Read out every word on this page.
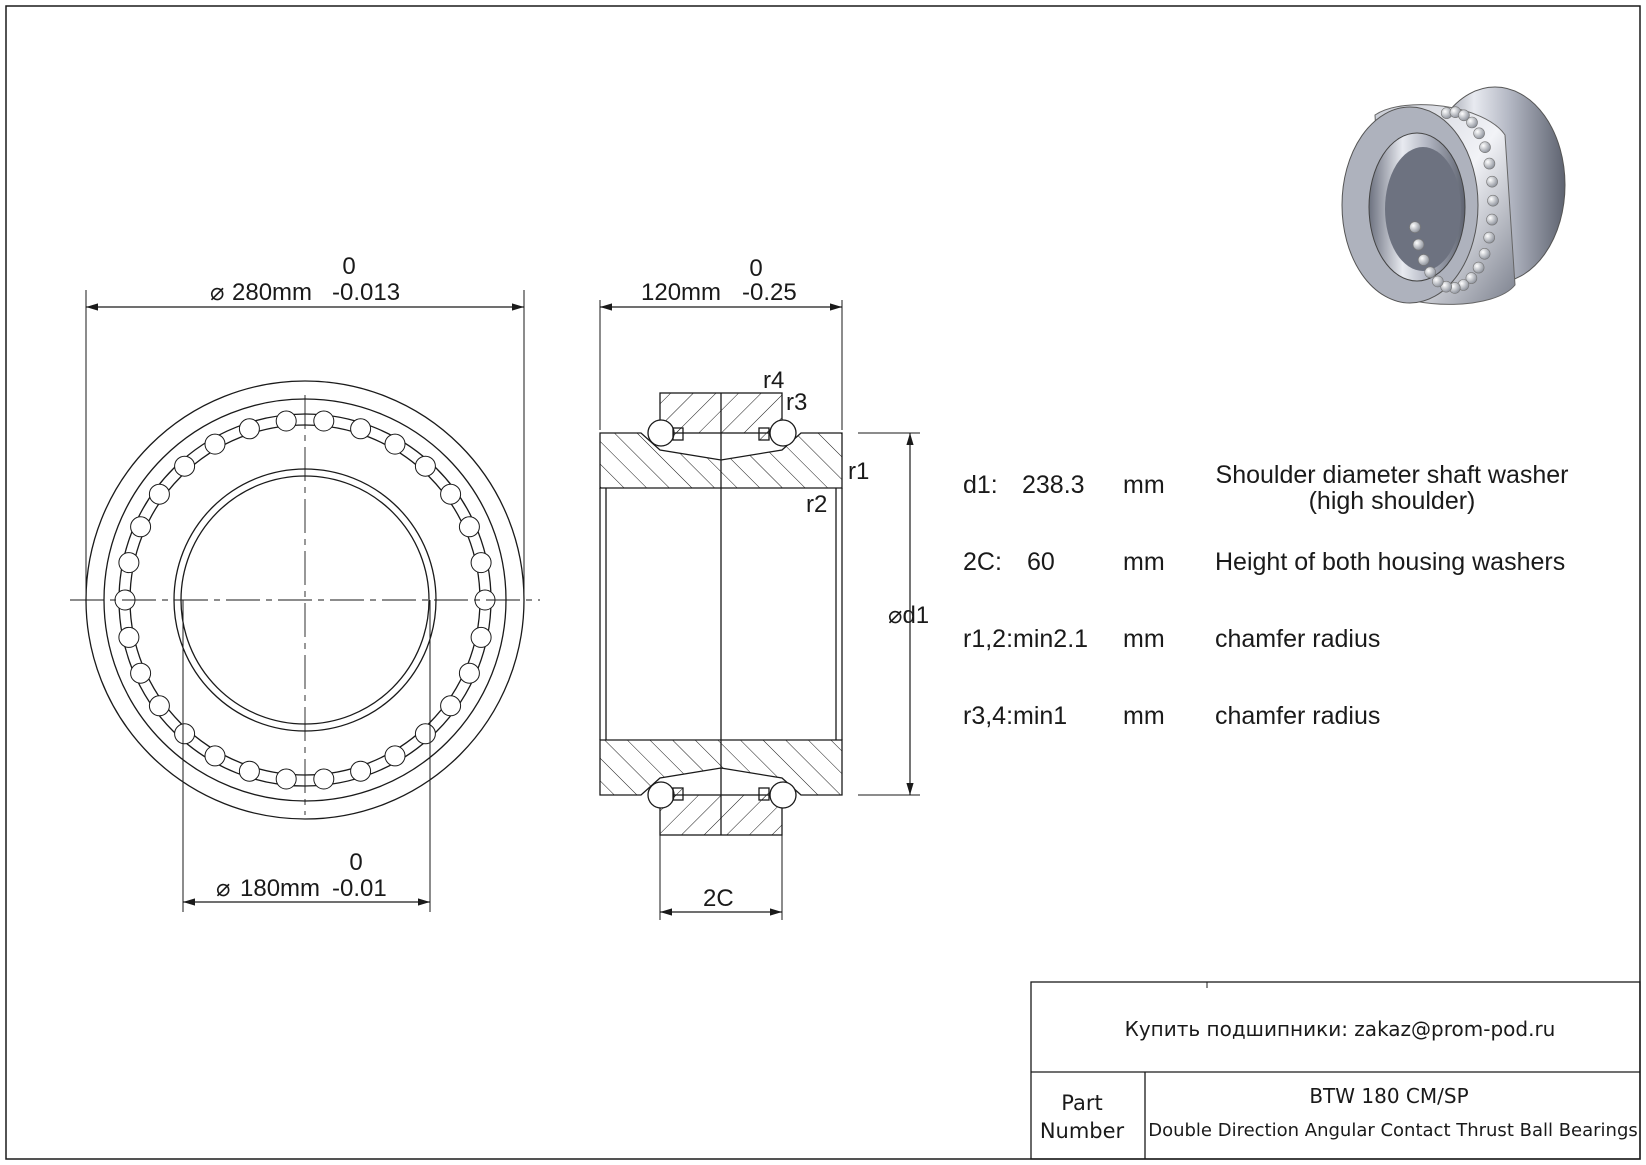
0
⌀ 280mm -0.013
0
⌀ 180mm -0.01
0
120mm -0.25
r4
r3
r1
r2
⌀d1
2C
d1: 238.3 mm Shoulder diameter shaft washer
(high shoulder)
2C: 60	mm Height of both housing washers
r1,2:min2.1 mm chamfer radius
r3,4:min1 mm chamfer radius
Купить подшипники: zakaz@prom-pod.ru
Part
Number
BTW 180 CM/SP
Double Direction Angular Contact Thrust Ball Bearings
